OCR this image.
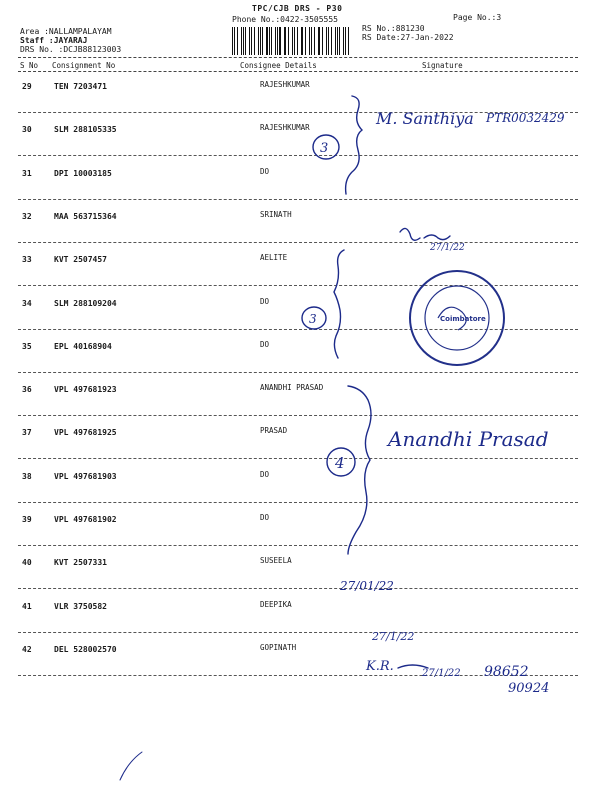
TPC/CJB DRS - P30
Phone No.:0422-3505555	Page No.:3
Area :NALLAMPALAYAM
Staff :JAYARAJ
DRS No. :DCJB88123003
RS No.:881230
RS Date:27-Jan-2022
S No Consignment No	Consignee Details	Signature
29	TEN 7203471	RAJESHKUMAR
30	SLM 288105335	RAJESHKUMAR
31	DPI 10003185	DO
32	MAA 563715364	SRINATH
33	KVT 2507457	AELITE
34	SLM 288109204	DO
35	EPL 40168904	DO
36	VPL 497681923	ANANDHI PRASAD
37	VPL 497681925	PRASAD
38	VPL 497681903	DO
39	VPL 497681902	DO
40	KVT 2507331	SUSEELA
41	VLR 3750582	DEEPIKA
42	DEL 528002570	GOPINATH
Coimbatore
M. Santhiya PTR0032429
3
27/1/22
3
4
Anandhi Prasad
27/01/22
27/1/22
K.R.	27/1/22 98652
90924
